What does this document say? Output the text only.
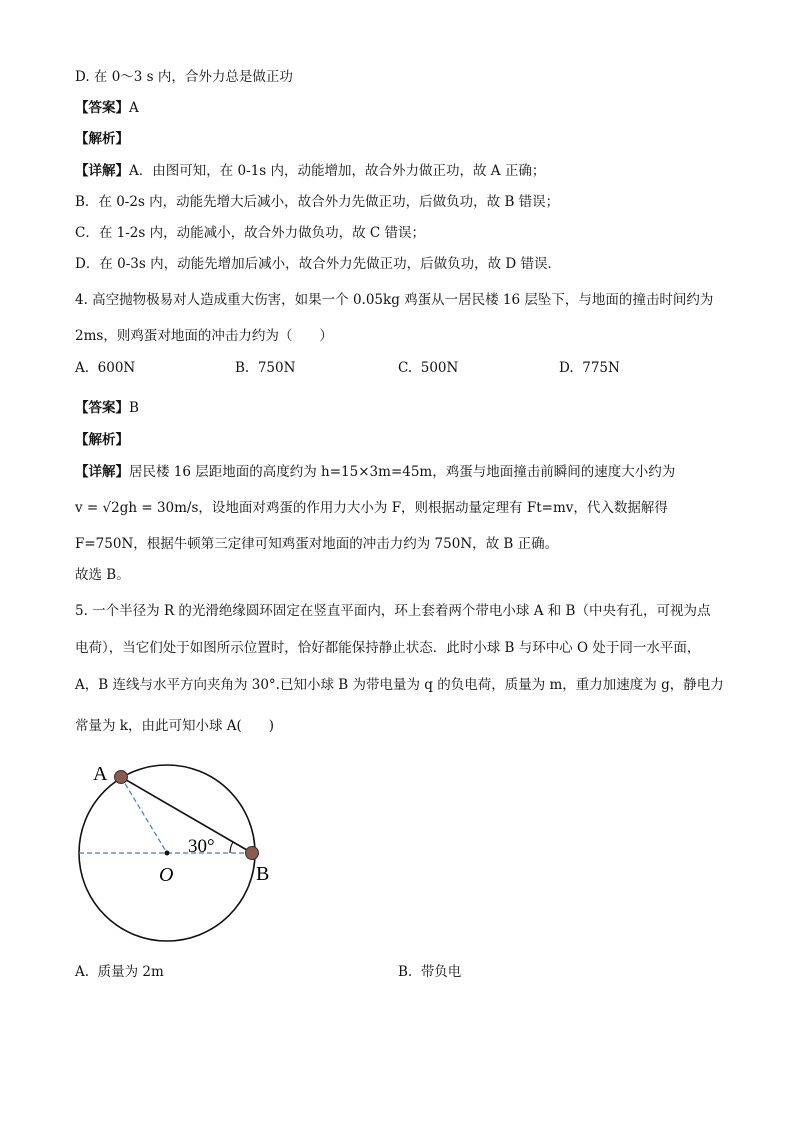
D. 在 0～3 s 内，合外力总是做正功
【答案】A
【解析】
【详解】A．由图可知，在 0-1s 内，动能增加，故合外力做正功，故 A 正确；
B．在 0-2s 内，动能先增大后减小，故合外力先做正功，后做负功，故 B 错误；
C．在 1-2s 内，动能减小，故合外力做负功，故 C 错误；
D．在 0-3s 内，动能先增加后减小，故合外力先做正功，后做负功，故 D 错误．
4. 高空抛物极易对人造成重大伤害，如果一个 0.05kg 鸡蛋从一居民楼 16 层坠下，与地面的撞击时间约为
2ms，则鸡蛋对地面的冲击力约为（　　）
A. 600N	B. 750N	C. 500N	D. 775N
【答案】B
【解析】
【详解】居民楼 16 层距地面的高度约为 h=15×3m=45m，鸡蛋与地面撞击前瞬间的速度大小约为
v = √2gh = 30m/s，设地面对鸡蛋的作用力大小为 F，则根据动量定理有 Ft=mv，代入数据解得
F=750N，根据牛顿第三定律可知鸡蛋对地面的冲击力约为 750N，故 B 正确。
故选 B。
5. 一个半径为 R 的光滑绝缘圆环固定在竖直平面内，环上套着两个带电小球 A 和 B（中央有孔，可视为点
电荷），当它们处于如图所示位置时，恰好都能保持静止状态．此时小球 B 与环中心 O 处于同一水平面，
A，B 连线与水平方向夹角为 30°.已知小球 B 为带电量为 q 的负电荷，质量为 m，重力加速度为 g，静电力
常量为 k，由此可知小球 A(　　)
A
B
O
30°
A. 质量为 2m	B. 带负电
